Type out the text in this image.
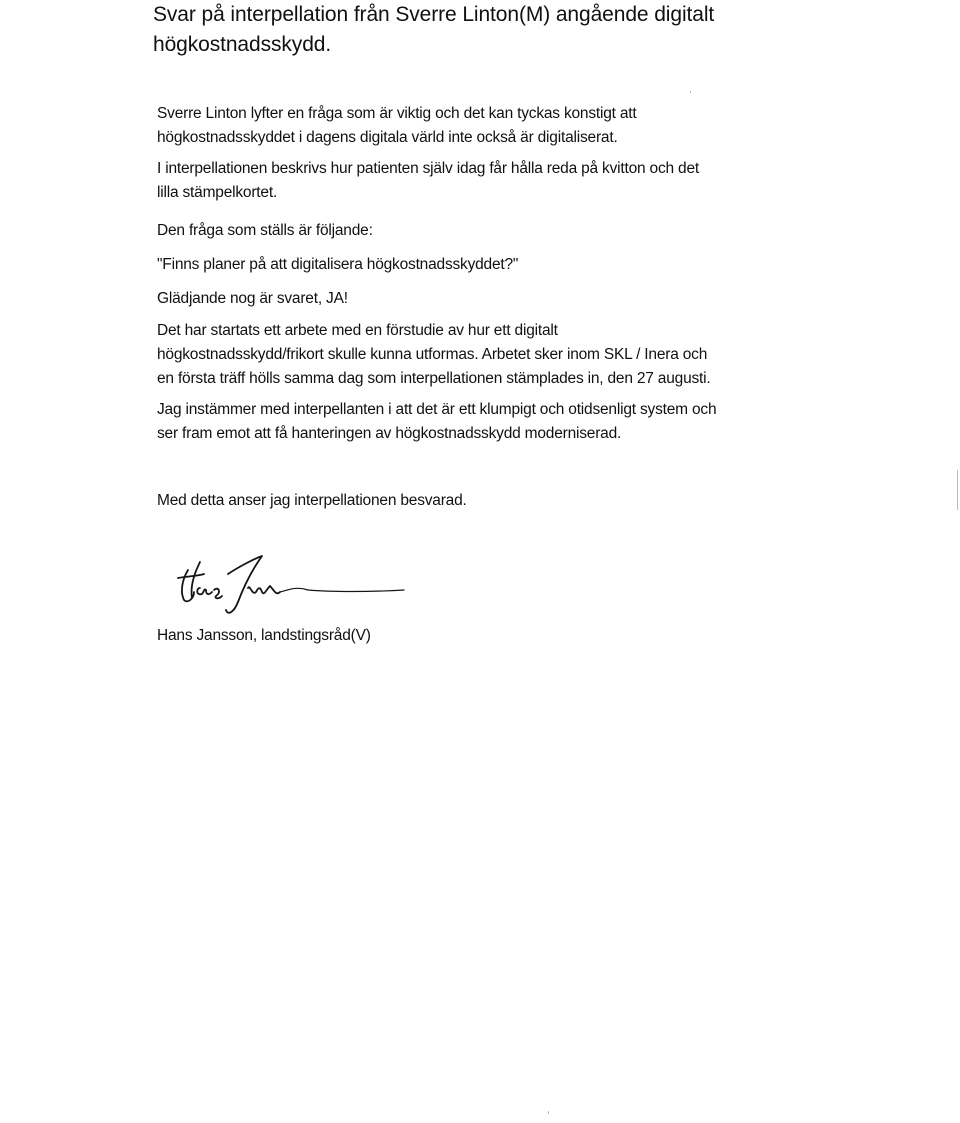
Svar på interpellation från Sverre Linton(M) angående digitalt
högkostnadsskydd.

Sverre Linton lyfter en fråga som är viktig och det kan tyckas konstigt att
högkostnadsskyddet i dagens digitala värld inte också är digitaliserat.

I interpellationen beskrivs hur patienten själv idag får hålla reda på kvitton och det
lilla stämpelkortet.

Den fråga som ställs är följande:

"Finns planer på att digitalisera högkostnadsskyddet?"

Glädjande nog är svaret, JA!

Det har startats ett arbete med en förstudie av hur ett digitalt
högkostnadsskydd/frikort skulle kunna utformas. Arbetet sker inom SKL / Inera och
en första träff hölls samma dag som interpellationen stämplades in, den 27 augusti.

Jag instämmer med interpellanten i att det är ett klumpigt och otidsenligt system och
ser fram emot att få hanteringen av högkostnadsskydd moderniserad.

Med detta anser jag interpellationen besvarad.

Hans Jansson, landstingsråd(V)
